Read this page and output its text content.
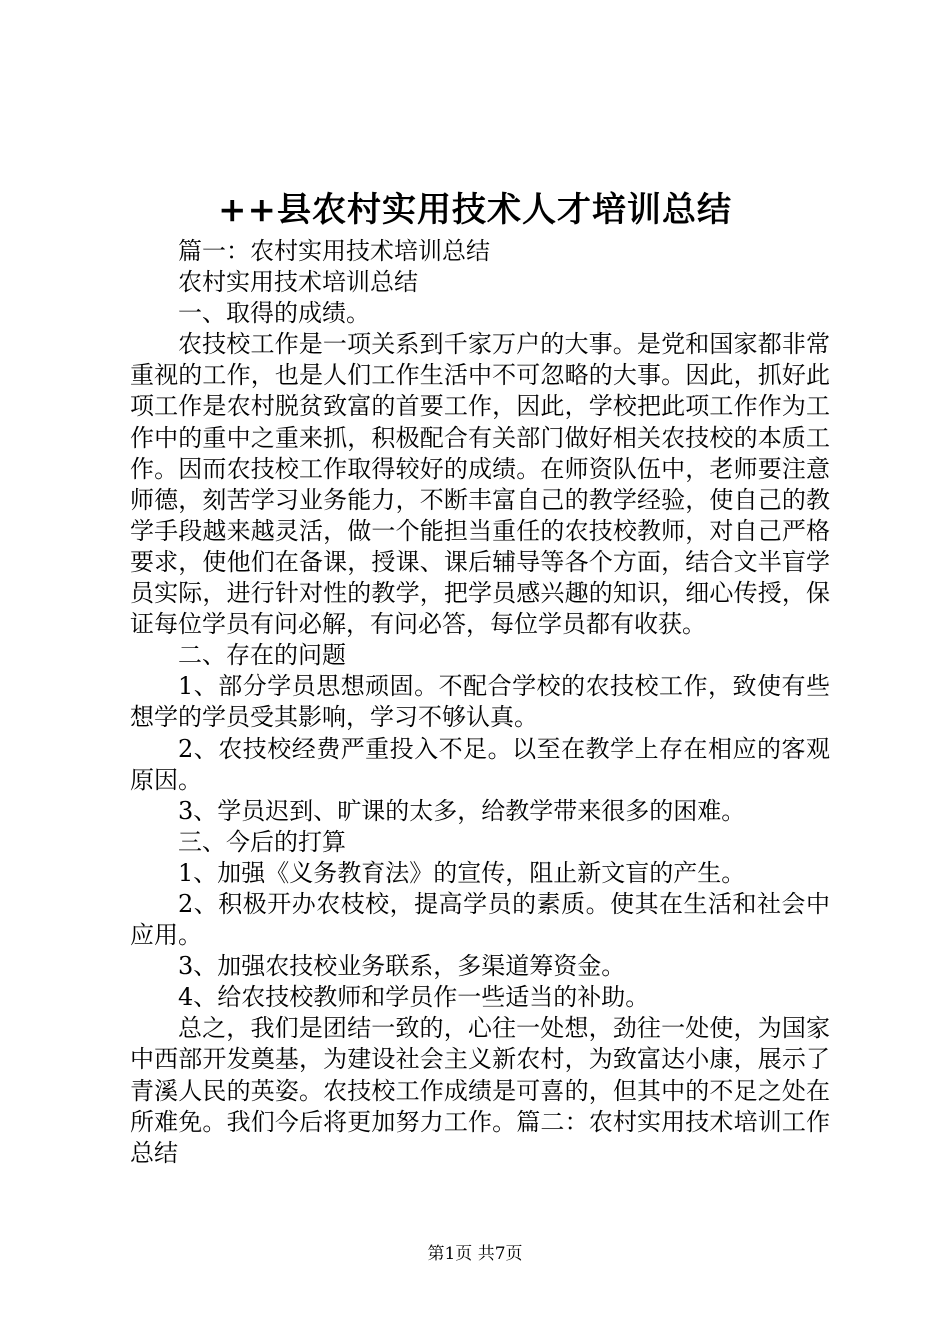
++县农村实用技术人才培训总结

篇一：农村实用技术培训总结

农村实用技术培训总结

一、取得的成绩。

农技校工作是一项关系到千家万户的大事。是党和国家都非常重视的工作，也是人们工作生活中不可忽略的大事。因此，抓好此项工作是农村脱贫致富的首要工作，因此，学校把此项工作作为工作中的重中之重来抓，积极配合有关部门做好相关农技校的本质工作。因而农技校工作取得较好的成绩。在师资队伍中，老师要注意师德，刻苦学习业务能力，不断丰富自己的教学经验，使自己的教学手段越来越灵活，做一个能担当重任的农技校教师，对自己严格要求，使他们在备课，授课、课后辅导等各个方面，结合文半盲学员实际，进行针对性的教学，把学员感兴趣的知识，细心传授，保证每位学员有问必解，有问必答，每位学员都有收获。

二、存在的问题

1、部分学员思想顽固。不配合学校的农技校工作，致使有些想学的学员受其影响，学习不够认真。

2、农技校经费严重投入不足。以至在教学上存在相应的客观原因。

3、学员迟到、旷课的太多，给教学带来很多的困难。

三、今后的打算

1、加强《义务教育法》的宣传，阻止新文盲的产生。

2、积极开办农枝校，提高学员的素质。使其在生活和社会中应用。

3、加强农技校业务联系，多渠道筹资金。

4、给农技校教师和学员作一些适当的补助。

总之，我们是团结一致的，心往一处想，劲往一处使，为国家中西部开发奠基，为建设社会主义新农村，为致富达小康，展示了青溪人民的英姿。农技校工作成绩是可喜的，但其中的不足之处在所难免。我们今后将更加努力工作。篇二：农村实用技术培训工作总结

第1页 共7页
